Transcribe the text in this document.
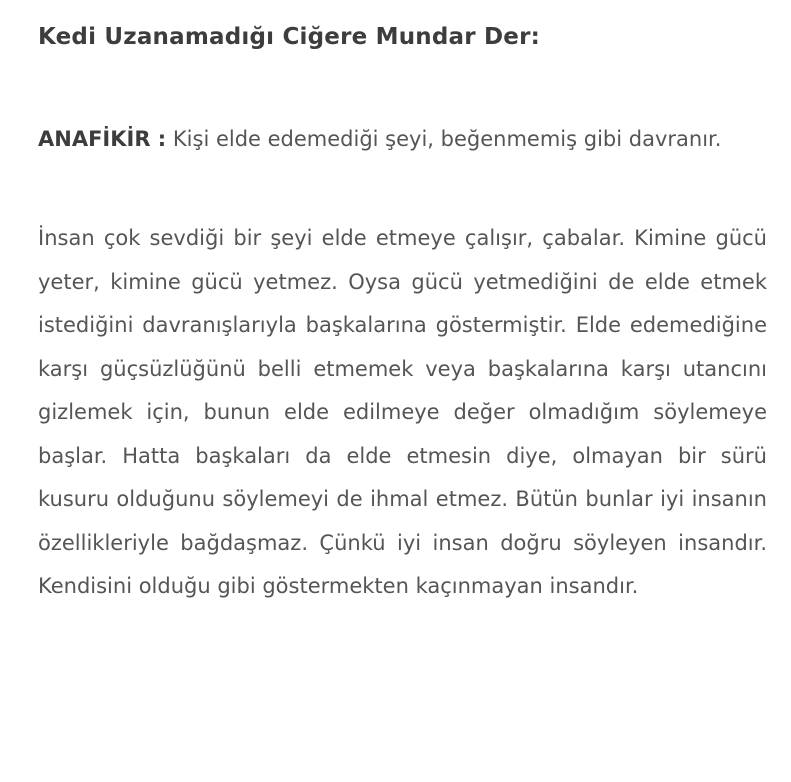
Kedi Uzanamadığı Ciğere Mundar Der:

ANAFİKİR : Kişi elde edemediği şeyi, beğenmemiş gibi davranır.

İnsan çok sevdiği bir şeyi elde etmeye çalışır, çabalar. Kimine gücü yeter, kimine gücü yetmez. Oysa gücü yetmediğini de elde etmek istediğini davranışlarıyla başkalarına göstermiştir. Elde edemediğine karşı güçsüzlüğünü belli etmemek veya başkalarına karşı utancını gizlemek için, bunun elde edilmeye değer olmadığım söylemeye başlar. Hatta başkaları da elde etmesin diye, olmayan bir sürü kusuru olduğunu söylemeyi de ihmal etmez. Bütün bunlar iyi insanın özellikleriyle bağdaşmaz. Çünkü iyi insan doğru söyleyen insandır. Kendisini olduğu gibi göstermekten kaçınmayan insandır.
